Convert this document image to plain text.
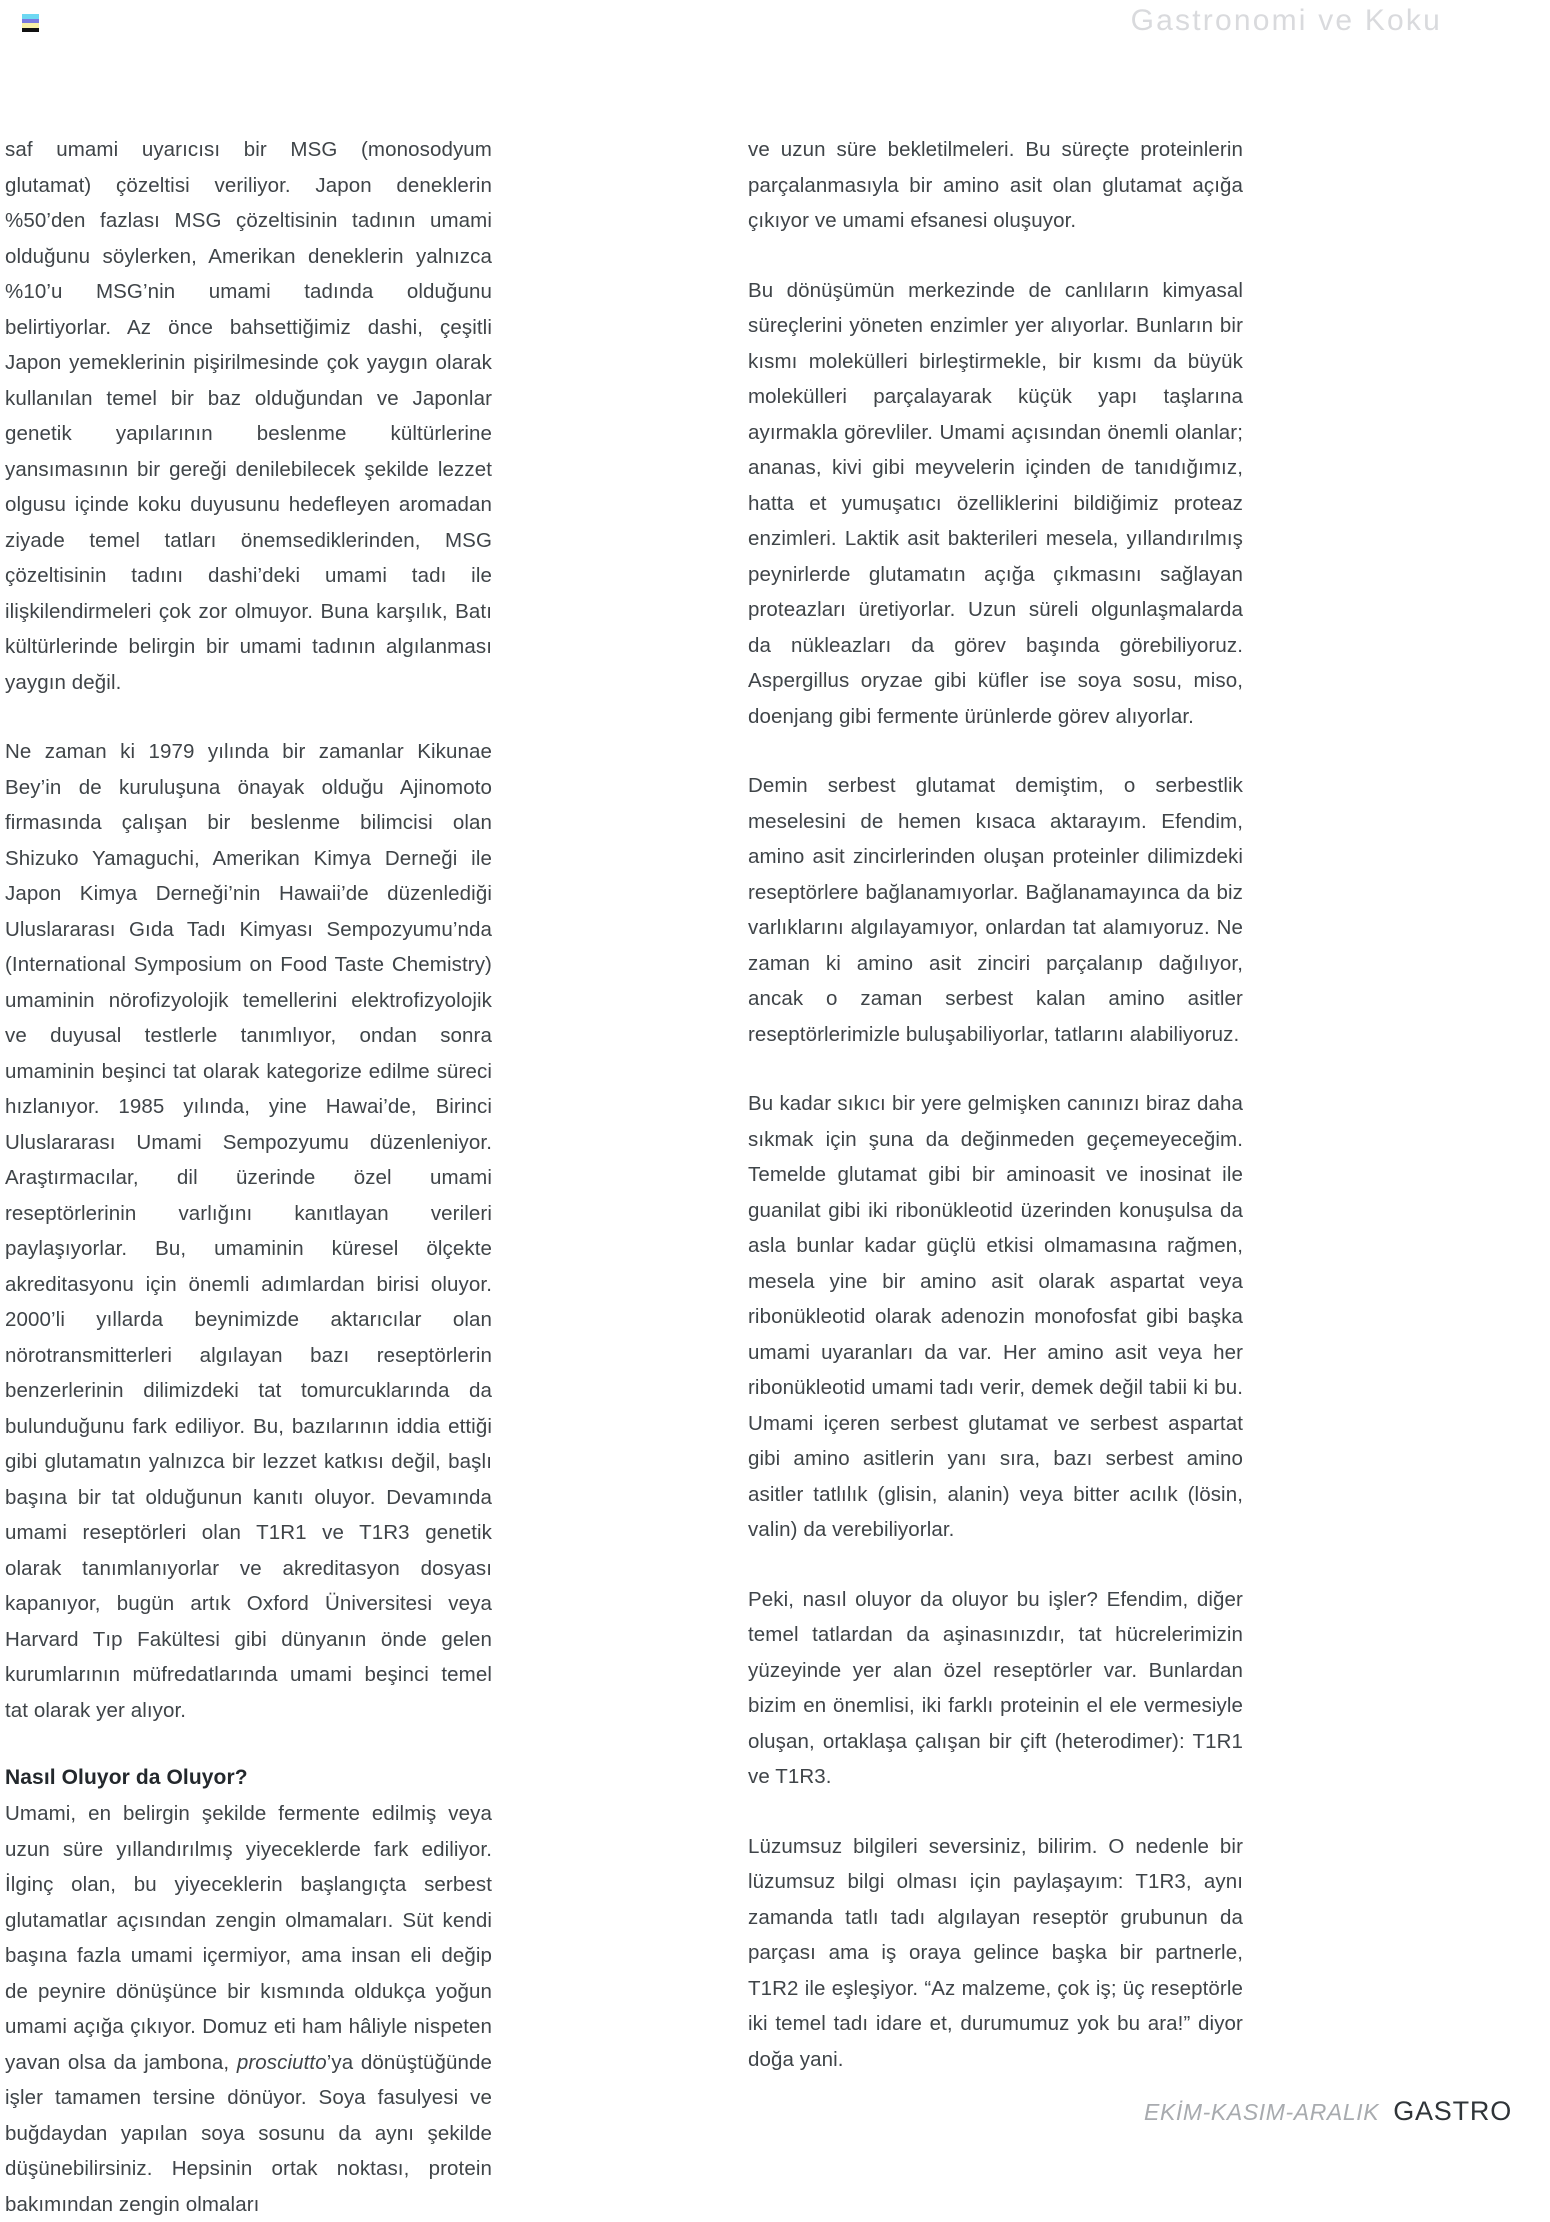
Gastronomi ve Koku

saf umami uyarıcısı bir MSG (monosodyum glutamat) çözeltisi veriliyor. Japon deneklerin %50’den fazlası MSG çözeltisinin tadının umami olduğunu söylerken, Amerikan deneklerin yalnızca %10’u MSG’nin umami tadında olduğunu belirtiyorlar. Az önce bahsettiğimiz dashi, çeşitli Japon yemeklerinin pişirilmesinde çok yaygın olarak kullanılan temel bir baz olduğundan ve Japonlar genetik yapılarının beslenme kültürlerine yansımasının bir gereği denilebilecek şekilde lezzet olgusu içinde koku duyusunu hedefleyen aromadan ziyade temel tatları önemsediklerinden, MSG çözeltisinin tadını dashi’deki umami tadı ile ilişkilendirmeleri çok zor olmuyor. Buna karşılık, Batı kültürlerinde belirgin bir umami tadının algılanması yaygın değil.

Ne zaman ki 1979 yılında bir zamanlar Kikunae Bey’in de kuruluşuna önayak olduğu Ajinomoto firmasında çalışan bir beslenme bilimcisi olan Shizuko Yamaguchi, Amerikan Kimya Derneği ile Japon Kimya Derneği’nin Hawaii’de düzenlediği Uluslararası Gıda Tadı Kimyası Sempozyumu’nda (International Symposium on Food Taste Chemistry) umaminin nörofizyolojik temellerini elektrofizyolojik ve duyusal testlerle tanımlıyor, ondan sonra umaminin beşinci tat olarak kategorize edilme süreci hızlanıyor. 1985 yılında, yine Hawai’de, Birinci Uluslararası Umami Sempozyumu düzenleniyor. Araştırmacılar, dil üzerinde özel umami reseptörlerinin varlığını kanıtlayan verileri paylaşıyorlar. Bu, umaminin küresel ölçekte akreditasyonu için önemli adımlardan birisi oluyor. 2000’li yıllarda beynimizde aktarıcılar olan nörotransmitterleri algılayan bazı reseptörlerin benzerlerinin dilimizdeki tat tomurcuklarında da bulunduğunu fark ediliyor. Bu, bazılarının iddia ettiği gibi glutamatın yalnızca bir lezzet katkısı değil, başlı başına bir tat olduğunun kanıtı oluyor. Devamında umami reseptörleri olan T1R1 ve T1R3 genetik olarak tanımlanıyorlar ve akreditasyon dosyası kapanıyor, bugün artık Oxford Üniversitesi veya Harvard Tıp Fakültesi gibi dünyanın önde gelen kurumlarının müfredatlarında umami beşinci temel tat olarak yer alıyor.

Nasıl Oluyor da Oluyor?

Umami, en belirgin şekilde fermente edilmiş veya uzun süre yıllandırılmış yiyeceklerde fark ediliyor. İlginç olan, bu yiyeceklerin başlangıçta serbest glutamatlar açısından zengin olmamaları. Süt kendi başına fazla umami içermiyor, ama insan eli değip de peynire dönüşünce bir kısmında oldukça yoğun umami açığa çıkıyor. Domuz eti ham hâliyle nispeten yavan olsa da jambona, prosciutto’ya dönüştüğünde işler tamamen tersine dönüyor. Soya fasulyesi ve buğdaydan yapılan soya sosunu da aynı şekilde düşünebilirsiniz. Hepsinin ortak noktası, protein bakımından zengin olmaları

ve uzun süre bekletilmeleri. Bu süreçte proteinlerin parçalanmasıyla bir amino asit olan glutamat açığa çıkıyor ve umami efsanesi oluşuyor.

Bu dönüşümün merkezinde de canlıların kimyasal süreçlerini yöneten enzimler yer alıyorlar. Bunların bir kısmı molekülleri birleştirmekle, bir kısmı da büyük molekülleri parçalayarak küçük yapı taşlarına ayırmakla görevliler. Umami açısından önemli olanlar; ananas, kivi gibi meyvelerin içinden de tanıdığımız, hatta et yumuşatıcı özelliklerini bildiğimiz proteaz enzimleri. Laktik asit bakterileri mesela, yıllandırılmış peynirlerde glutamatın açığa çıkmasını sağlayan proteazları üretiyorlar. Uzun süreli olgunlaşmalarda da nükleazları da görev başında görebiliyoruz. Aspergillus oryzae gibi küfler ise soya sosu, miso, doenjang gibi fermente ürünlerde görev alıyorlar.

Demin serbest glutamat demiştim, o serbestlik meselesini de hemen kısaca aktarayım. Efendim, amino asit zincirlerinden oluşan proteinler dilimizdeki reseptörlere bağlanamıyorlar. Bağlanamayınca da biz varlıklarını algılayamıyor, onlardan tat alamıyoruz. Ne zaman ki amino asit zinciri parçalanıp dağılıyor, ancak o zaman serbest kalan amino asitler reseptörlerimizle buluşabiliyorlar, tatlarını alabiliyoruz.

Bu kadar sıkıcı bir yere gelmişken canınızı biraz daha sıkmak için şuna da değinmeden geçemeyeceğim. Temelde glutamat gibi bir aminoasit ve inosinat ile guanilat gibi iki ribonükleotid üzerinden konuşulsa da asla bunlar kadar güçlü etkisi olmamasına rağmen, mesela yine bir amino asit olarak aspartat veya ribonükleotid olarak adenozin monofosfat gibi başka umami uyaranları da var. Her amino asit veya her ribonükleotid umami tadı verir, demek değil tabii ki bu. Umami içeren serbest glutamat ve serbest aspartat gibi amino asitlerin yanı sıra, bazı serbest amino asitler tatlılık (glisin, alanin) veya bitter acılık (lösin, valin) da verebiliyorlar.

Peki, nasıl oluyor da oluyor bu işler? Efendim, diğer temel tatlardan da aşinasınızdır, tat hücrelerimizin yüzeyinde yer alan özel reseptörler var. Bunlardan bizim en önemlisi, iki farklı proteinin el ele vermesiyle oluşan, ortaklaşa çalışan bir çift (heterodimer): T1R1 ve T1R3.

Lüzumsuz bilgileri seversiniz, bilirim. O nedenle bir lüzumsuz bilgi olması için paylaşayım: T1R3, aynı zamanda tatlı tadı algılayan reseptör grubunun da parçası ama iş oraya gelince başka bir partnerle, T1R2 ile eşleşiyor. “Az malzeme, çok iş; üç reseptörle iki temel tadı idare et, durumumuz yok bu ara!” diyor doğa yani.

EKİM-KASIM-ARALIK GASTRO
